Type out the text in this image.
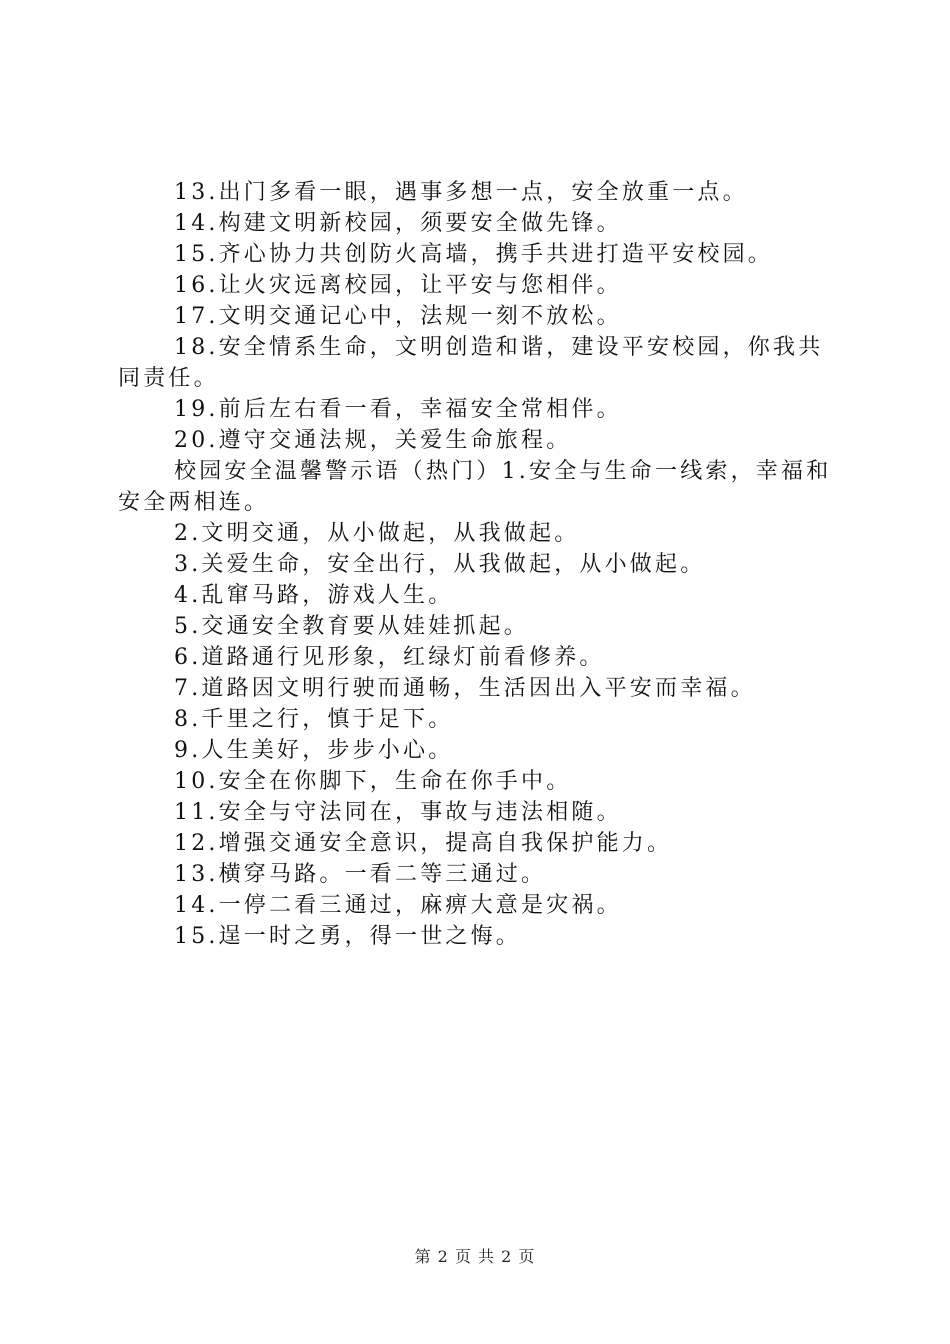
13.出门多看一眼，遇事多想一点，安全放重一点。

14.构建文明新校园，须要安全做先锋。

15.齐心协力共创防火高墙，携手共进打造平安校园。

16.让火灾远离校园，让平安与您相伴。

17.文明交通记心中，法规一刻不放松。

18.安全情系生命，文明创造和谐，建设平安校园，你我共同责任。

19.前后左右看一看，幸福安全常相伴。

20.遵守交通法规，关爱生命旅程。

校园安全温馨警示语（热门）1.安全与生命一线索，幸福和安全两相连。

2.文明交通，从小做起，从我做起。

3.关爱生命，安全出行，从我做起，从小做起。

4.乱窜马路，游戏人生。

5.交通安全教育要从娃娃抓起。

6.道路通行见形象，红绿灯前看修养。

7.道路因文明行驶而通畅，生活因出入平安而幸福。

8.千里之行，慎于足下。

9.人生美好，步步小心。

10.安全在你脚下，生命在你手中。

11.安全与守法同在，事故与违法相随。

12.增强交通安全意识，提高自我保护能力。

13.横穿马路。一看二等三通过。

14.一停二看三通过，麻痹大意是灾祸。

15.逞一时之勇，得一世之悔。

第 2 页 共 2 页
